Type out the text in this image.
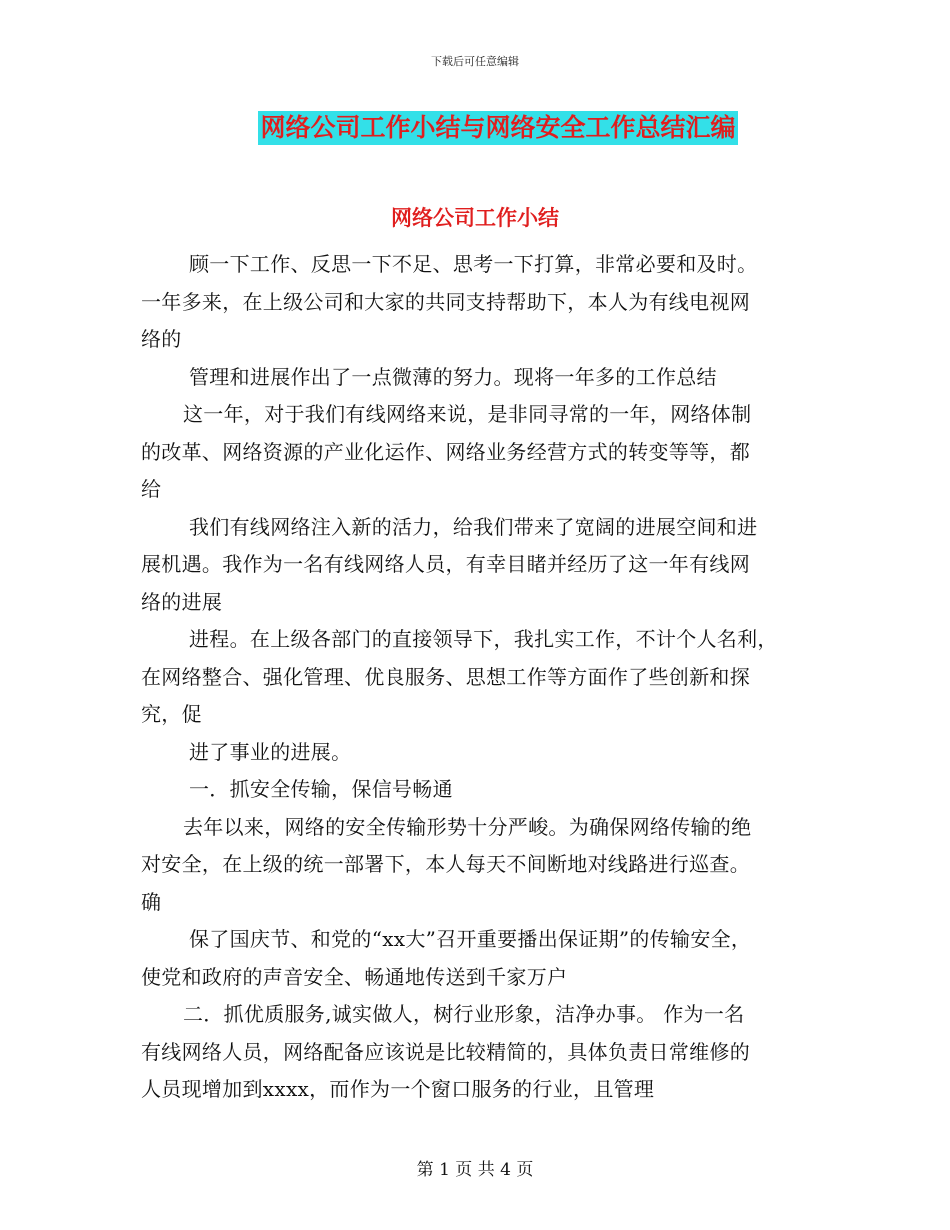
下载后可任意编辑
网络公司工作小结与网络安全工作总结汇编
网络公司工作小结
顾一下工作、反思一下不足、思考一下打算，非常必要和及时。
一年多来，在上级公司和大家的共同支持帮助下，本人为有线电视网
络的
管理和进展作出了一点微薄的努力。现将一年多的工作总结
这一年，对于我们有线网络来说，是非同寻常的一年，网络体制
的改革、网络资源的产业化运作、网络业务经营方式的转变等等，都
给
我们有线网络注入新的活力，给我们带来了宽阔的进展空间和进
展机遇。我作为一名有线网络人员，有幸目睹并经历了这一年有线网
络的进展
进程。在上级各部门的直接领导下，我扎实工作，不计个人名利，
在网络整合、强化管理、优良服务、思想工作等方面作了些创新和探
究，促
进了事业的进展。
一．抓安全传输，保信号畅通
去年以来，网络的安全传输形势十分严峻。为确保网络传输的绝
对安全，在上级的统一部署下，本人每天不间断地对线路进行巡查。
确
保了国庆节、和党的“xx大”召开重要播出保证期”的传输安全，
使党和政府的声音安全、畅通地传送到千家万户
二．抓优质服务,诚实做人，树行业形象，洁净办事。 作为一名
有线网络人员，网络配备应该说是比较精简的，具体负责日常维修的
人员现增加到xxxx，而作为一个窗口服务的行业，且管理
第 1 页 共 4 页
